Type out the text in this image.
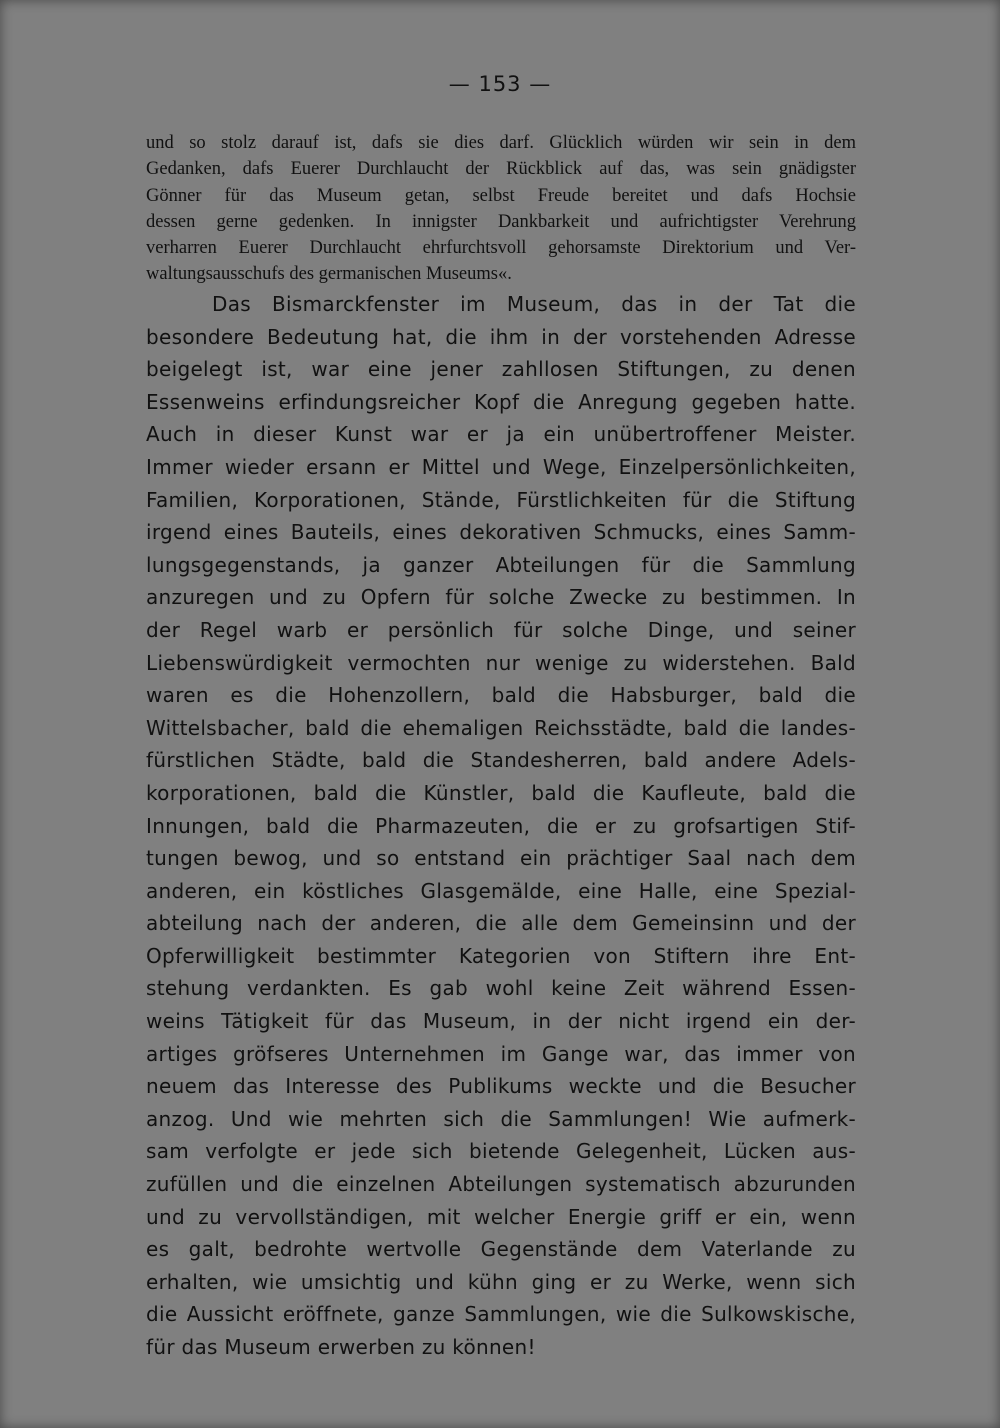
— 153 —
und so stolz darauf ist, dafs sie dies darf. Glücklich würden wir sein in dem
Gedanken, dafs Euerer Durchlaucht der Rückblick auf das, was sein gnädigster
Gönner für das Museum getan, selbst Freude bereitet und dafs Hochsie
dessen gerne gedenken. In innigster Dankbarkeit und aufrichtigster Verehrung
verharren Euerer Durchlaucht ehrfurchtsvoll gehorsamste Direktorium und Ver-
waltungsausschufs des germanischen Museums«.
Das Bismarckfenster im Museum, das in der Tat die
besondere Bedeutung hat, die ihm in der vorstehenden Adresse
beigelegt ist, war eine jener zahllosen Stiftungen, zu denen
Essenweins erfindungsreicher Kopf die Anregung gegeben hatte.
Auch in dieser Kunst war er ja ein unübertroffener Meister.
Immer wieder ersann er Mittel und Wege, Einzelpersönlichkeiten,
Familien, Korporationen, Stände, Fürstlichkeiten für die Stiftung
irgend eines Bauteils, eines dekorativen Schmucks, eines Samm-
lungsgegenstands, ja ganzer Abteilungen für die Sammlung
anzuregen und zu Opfern für solche Zwecke zu bestimmen. In
der Regel warb er persönlich für solche Dinge, und seiner
Liebenswürdigkeit vermochten nur wenige zu widerstehen. Bald
waren es die Hohenzollern, bald die Habsburger, bald die
Wittelsbacher, bald die ehemaligen Reichsstädte, bald die landes-
fürstlichen Städte, bald die Standesherren, bald andere Adels-
korporationen, bald die Künstler, bald die Kaufleute, bald die
Innungen, bald die Pharmazeuten, die er zu grofsartigen Stif-
tungen bewog, und so entstand ein prächtiger Saal nach dem
anderen, ein köstliches Glasgemälde, eine Halle, eine Spezial-
abteilung nach der anderen, die alle dem Gemeinsinn und der
Opferwilligkeit bestimmter Kategorien von Stiftern ihre Ent-
stehung verdankten. Es gab wohl keine Zeit während Essen-
weins Tätigkeit für das Museum, in der nicht irgend ein der-
artiges gröfseres Unternehmen im Gange war, das immer von
neuem das Interesse des Publikums weckte und die Besucher
anzog. Und wie mehrten sich die Sammlungen! Wie aufmerk-
sam verfolgte er jede sich bietende Gelegenheit, Lücken aus-
zufüllen und die einzelnen Abteilungen systematisch abzurunden
und zu vervollständigen, mit welcher Energie griff er ein, wenn
es galt, bedrohte wertvolle Gegenstände dem Vaterlande zu
erhalten, wie umsichtig und kühn ging er zu Werke, wenn sich
die Aussicht eröffnete, ganze Sammlungen, wie die Sulkowskische,
für das Museum erwerben zu können!
